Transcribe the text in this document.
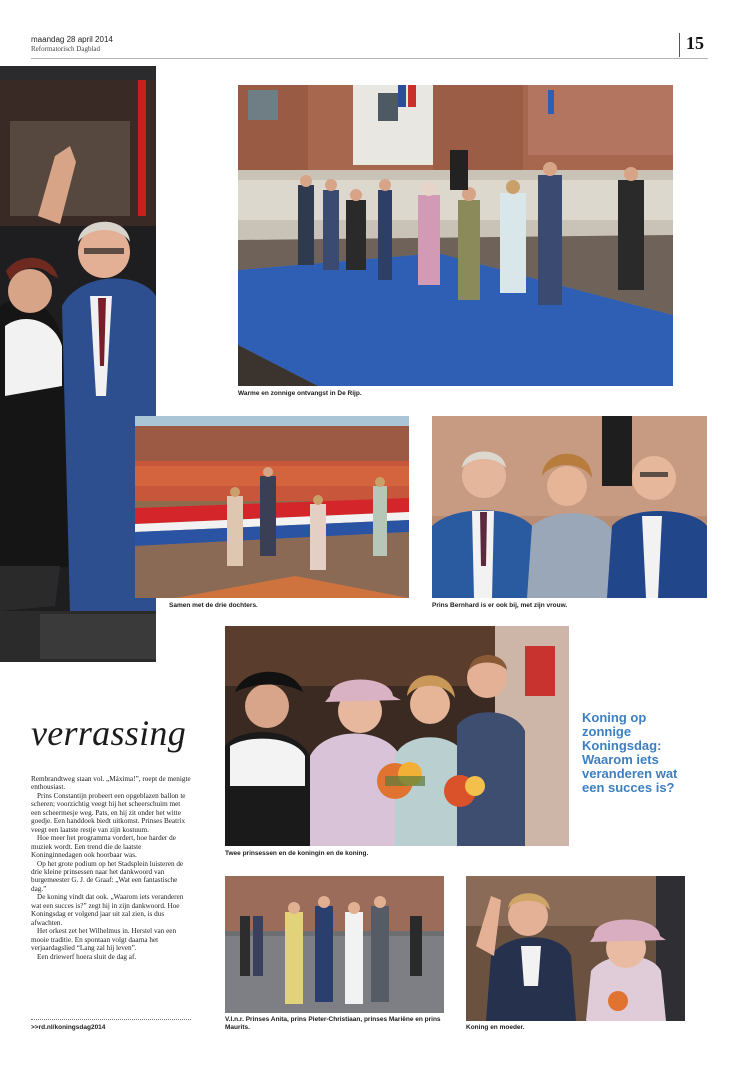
maandag 28 april 2014
Reformatorisch Dagblad	15
Warme en zonnige ontvangst in De Rijp.
Samen met de drie dochters.	Prins Bernhard is er ook bij, met zijn vrouw.
Twee prinsessen en de koningin en de koning.
Koning op zonnige Koningsdag: Waarom iets veranderen wat een succes is?
V.l.n.r. Prinses Anita, prins Pieter-Christiaan, prinses Mariëne en prins Maurits.	Koning en moeder.
verrassing

Rembrandtweg staan vol. „Máxima!”, roept de menigte enthousiast.

Prins Constantijn probeert een opgeblazen ballon te scheren; voorzichtig veegt hij het scheerschuim met een scheermesje weg. Pats, en hij zit onder het witte goedje. Een handdoek biedt uitkomst. Prinses Beatrix veegt een laatste restje van zijn kostuum.

Hoe meer het programma vordert, hoe harder de muziek wordt. Een trend die de laatste Koninginnedagen ook hoorbaar was.

Op het grote podium op het Stadsplein luisteren de drie kleine prinsessen naar het dankwoord van burgemeester G. J. de Graaf: „Wat een fantastische dag.”

De koning vindt dat ook. „Waarom iets veranderen wat een succes is?” zegt hij in zijn dankwoord. Hoe Koningsdag er volgend jaar uit zal zien, is dus afwachten.

Het orkest zet het Wilhelmus in. Herstel van een mooie traditie. En spontaan volgt daarna het verjaardagslied “Lang zal hij leven”.

Een driewerf hoera sluit de dag af.

>>rd.nl/koningsdag2014
